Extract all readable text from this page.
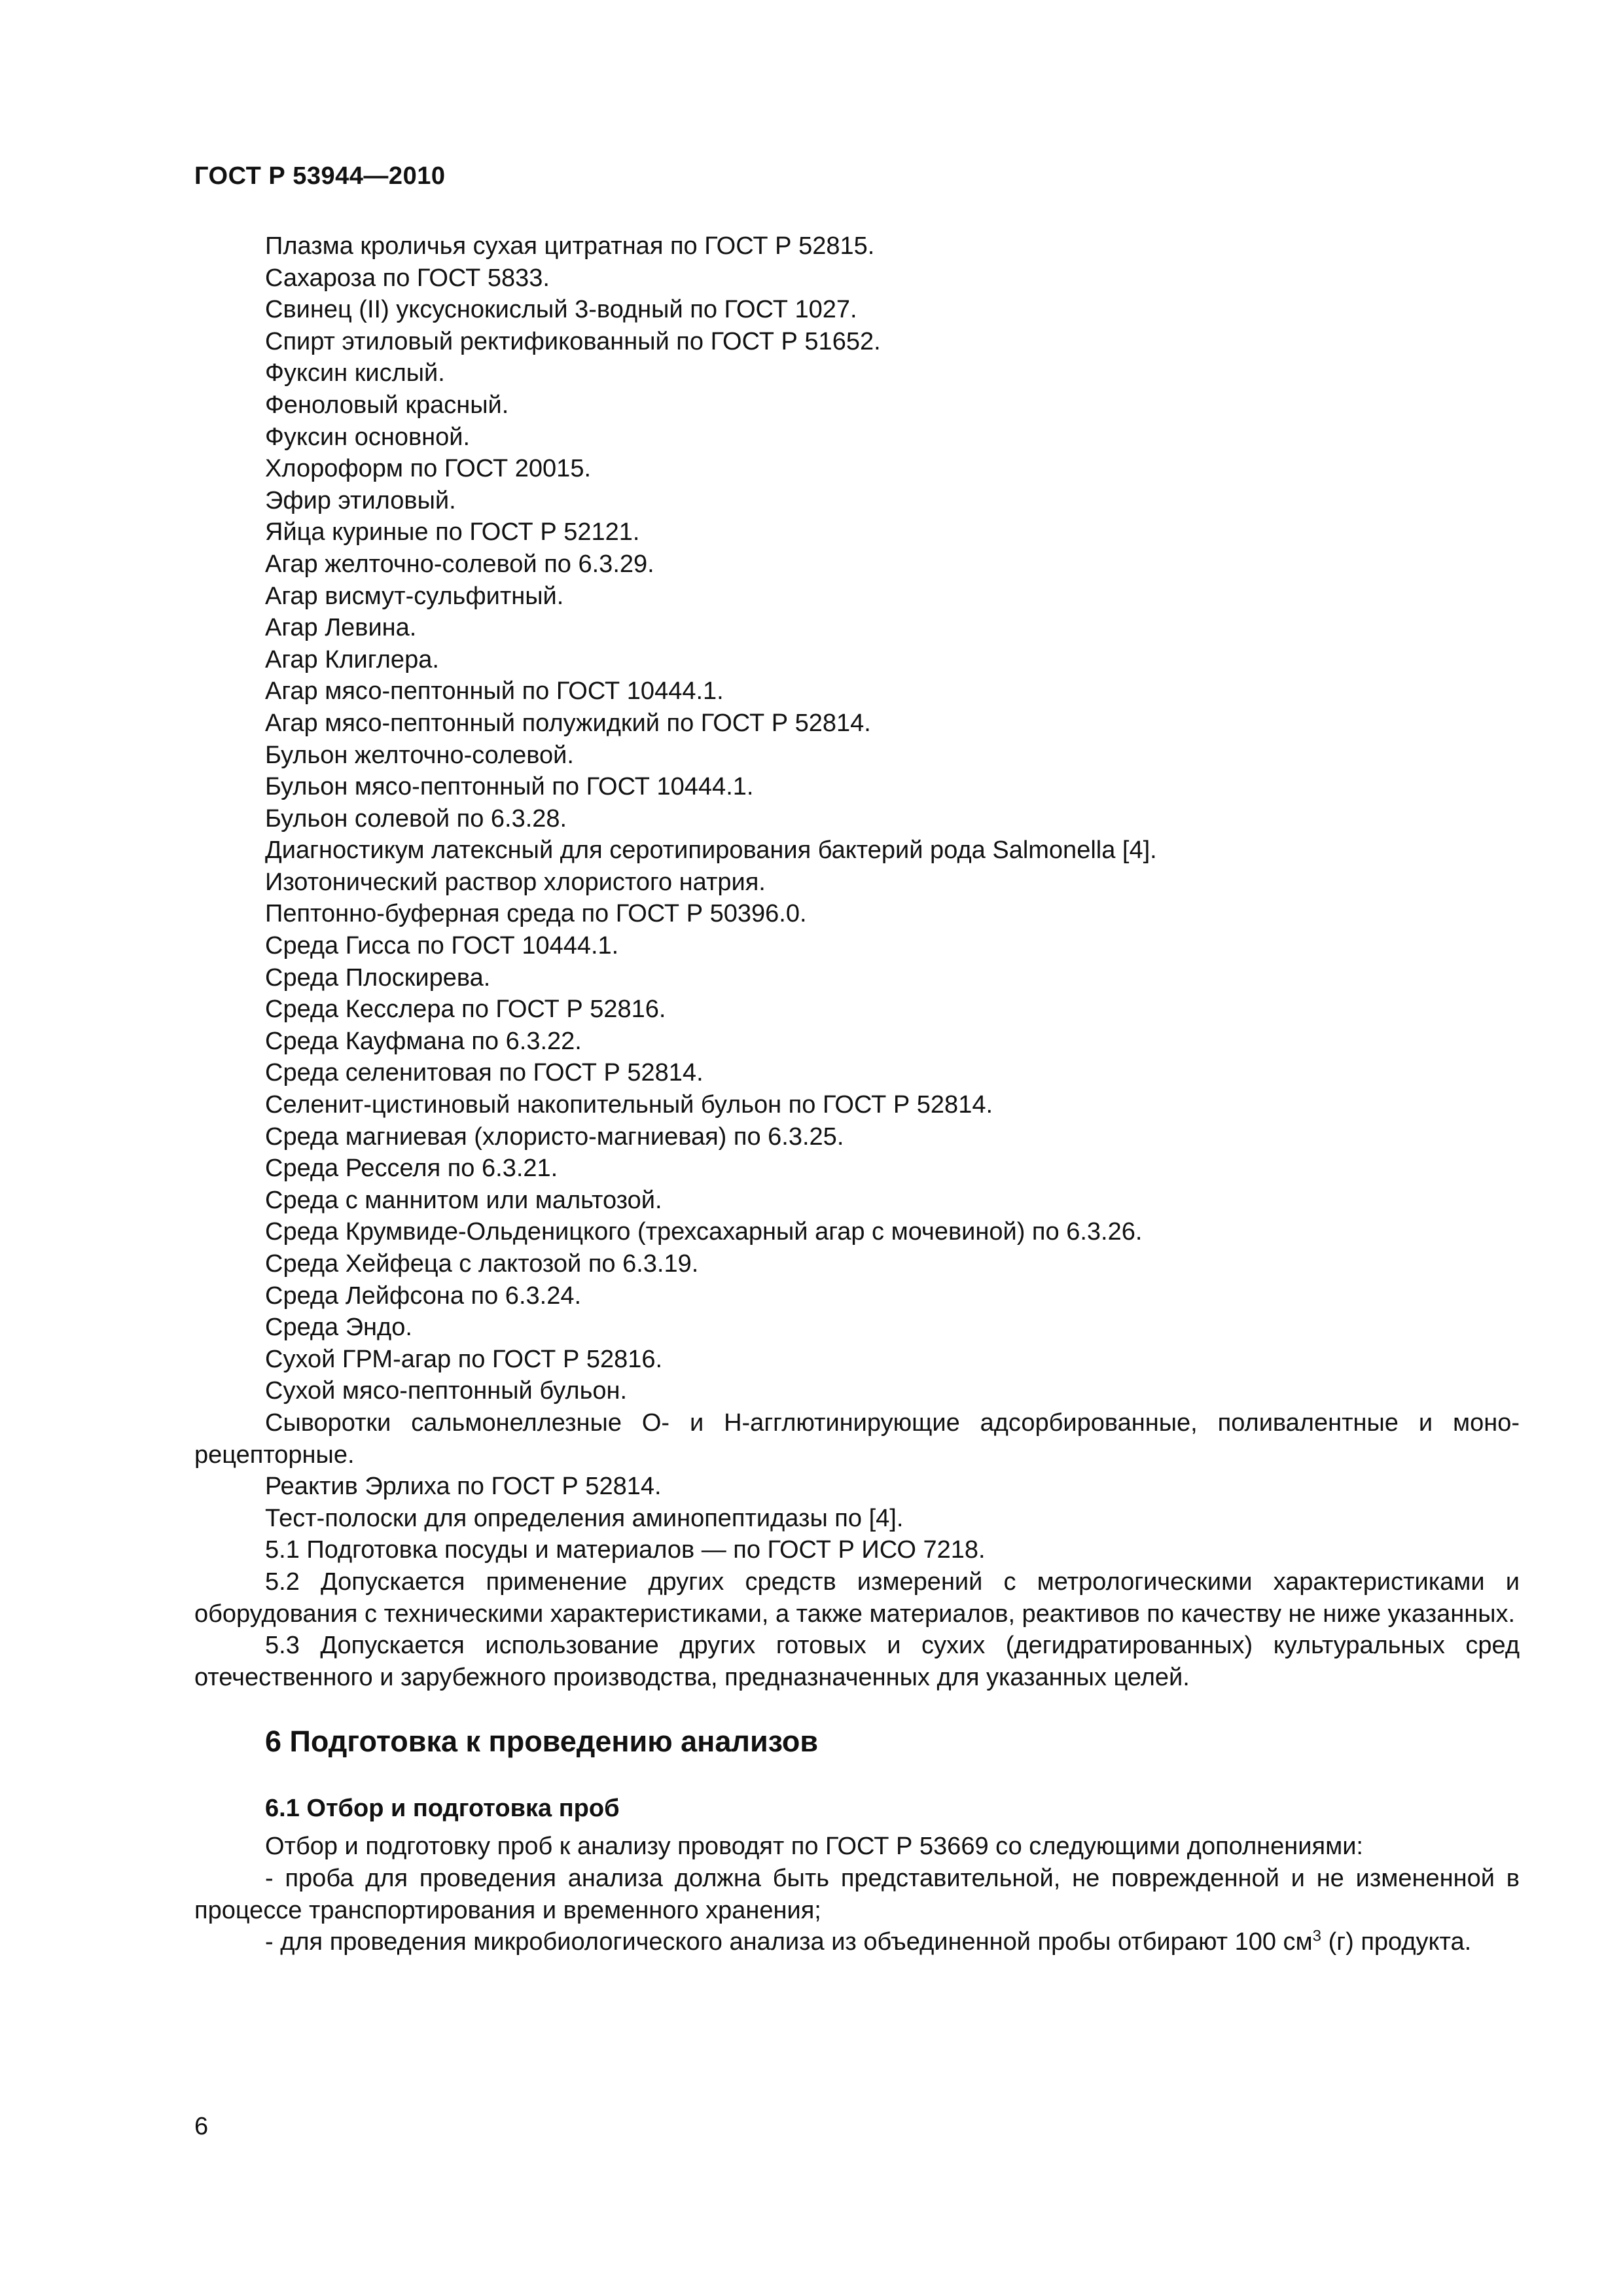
ГОСТ Р 53944—2010
Плазма кроличья сухая цитратная по ГОСТ Р 52815.
Сахароза по ГОСТ 5833.
Свинец (II) уксуснокислый 3-водный по ГОСТ 1027.
Спирт этиловый ректификованный по ГОСТ Р 51652.
Фуксин кислый.
Феноловый красный.
Фуксин основной.
Хлороформ по ГОСТ 20015.
Эфир этиловый.
Яйца куриные по ГОСТ Р 52121.
Агар желточно-солевой по 6.3.29.
Агар висмут-сульфитный.
Агар Левина.
Агар Клиглера.
Агар мясо-пептонный по ГОСТ 10444.1.
Агар мясо-пептонный полужидкий по ГОСТ Р 52814.
Бульон желточно-солевой.
Бульон мясо-пептонный по ГОСТ 10444.1.
Бульон солевой по 6.3.28.
Диагностикум латексный для серотипирования бактерий рода Salmonella [4].
Изотонический раствор хлористого натрия.
Пептонно-буферная среда по ГОСТ Р 50396.0.
Среда Гисса по ГОСТ 10444.1.
Среда Плоскирева.
Среда Кесслера по ГОСТ Р 52816.
Среда Кауфмана по 6.3.22.
Среда селенитовая по ГОСТ Р 52814.
Селенит-цистиновый накопительный бульон по ГОСТ Р 52814.
Среда магниевая (хлористо-магниевая) по 6.3.25.
Среда Ресселя по 6.3.21.
Среда с маннитом или мальтозой.
Среда Крумвиде-Ольденицкого (трехсахарный агар с мочевиной) по 6.3.26.
Среда Хейфеца с лактозой по 6.3.19.
Среда Лейфсона по 6.3.24.
Среда Эндо.
Сухой ГРМ-агар по ГОСТ Р 52816.
Сухой мясо-пептонный бульон.
Сыворотки сальмонеллезные О- и Н-агглютинирующие адсорбированные, поливалентные и моно-рецепторные.
Реактив Эрлиха по ГОСТ Р 52814.
Тест-полоски для определения аминопептидазы по [4].
5.1 Подготовка посуды и материалов — по ГОСТ Р ИСО 7218.
5.2 Допускается применение других средств измерений с метрологическими характеристиками и оборудования с техническими характеристиками, а также материалов, реактивов по качеству не ниже указанных.
5.3 Допускается использование других готовых и сухих (дегидратированных) культуральных сред отечественного и зарубежного производства, предназначенных для указанных целей.
6 Подготовка к проведению анализов
6.1 Отбор и подготовка проб
Отбор и подготовку проб к анализу проводят по ГОСТ Р 53669 со следующими дополнениями:
- проба для проведения анализа должна быть представительной, не поврежденной и не измененной в процессе транспортирования и временного хранения;
- для проведения микробиологического анализа из объединенной пробы отбирают 100 $см^3$ (г) продукта.
6
